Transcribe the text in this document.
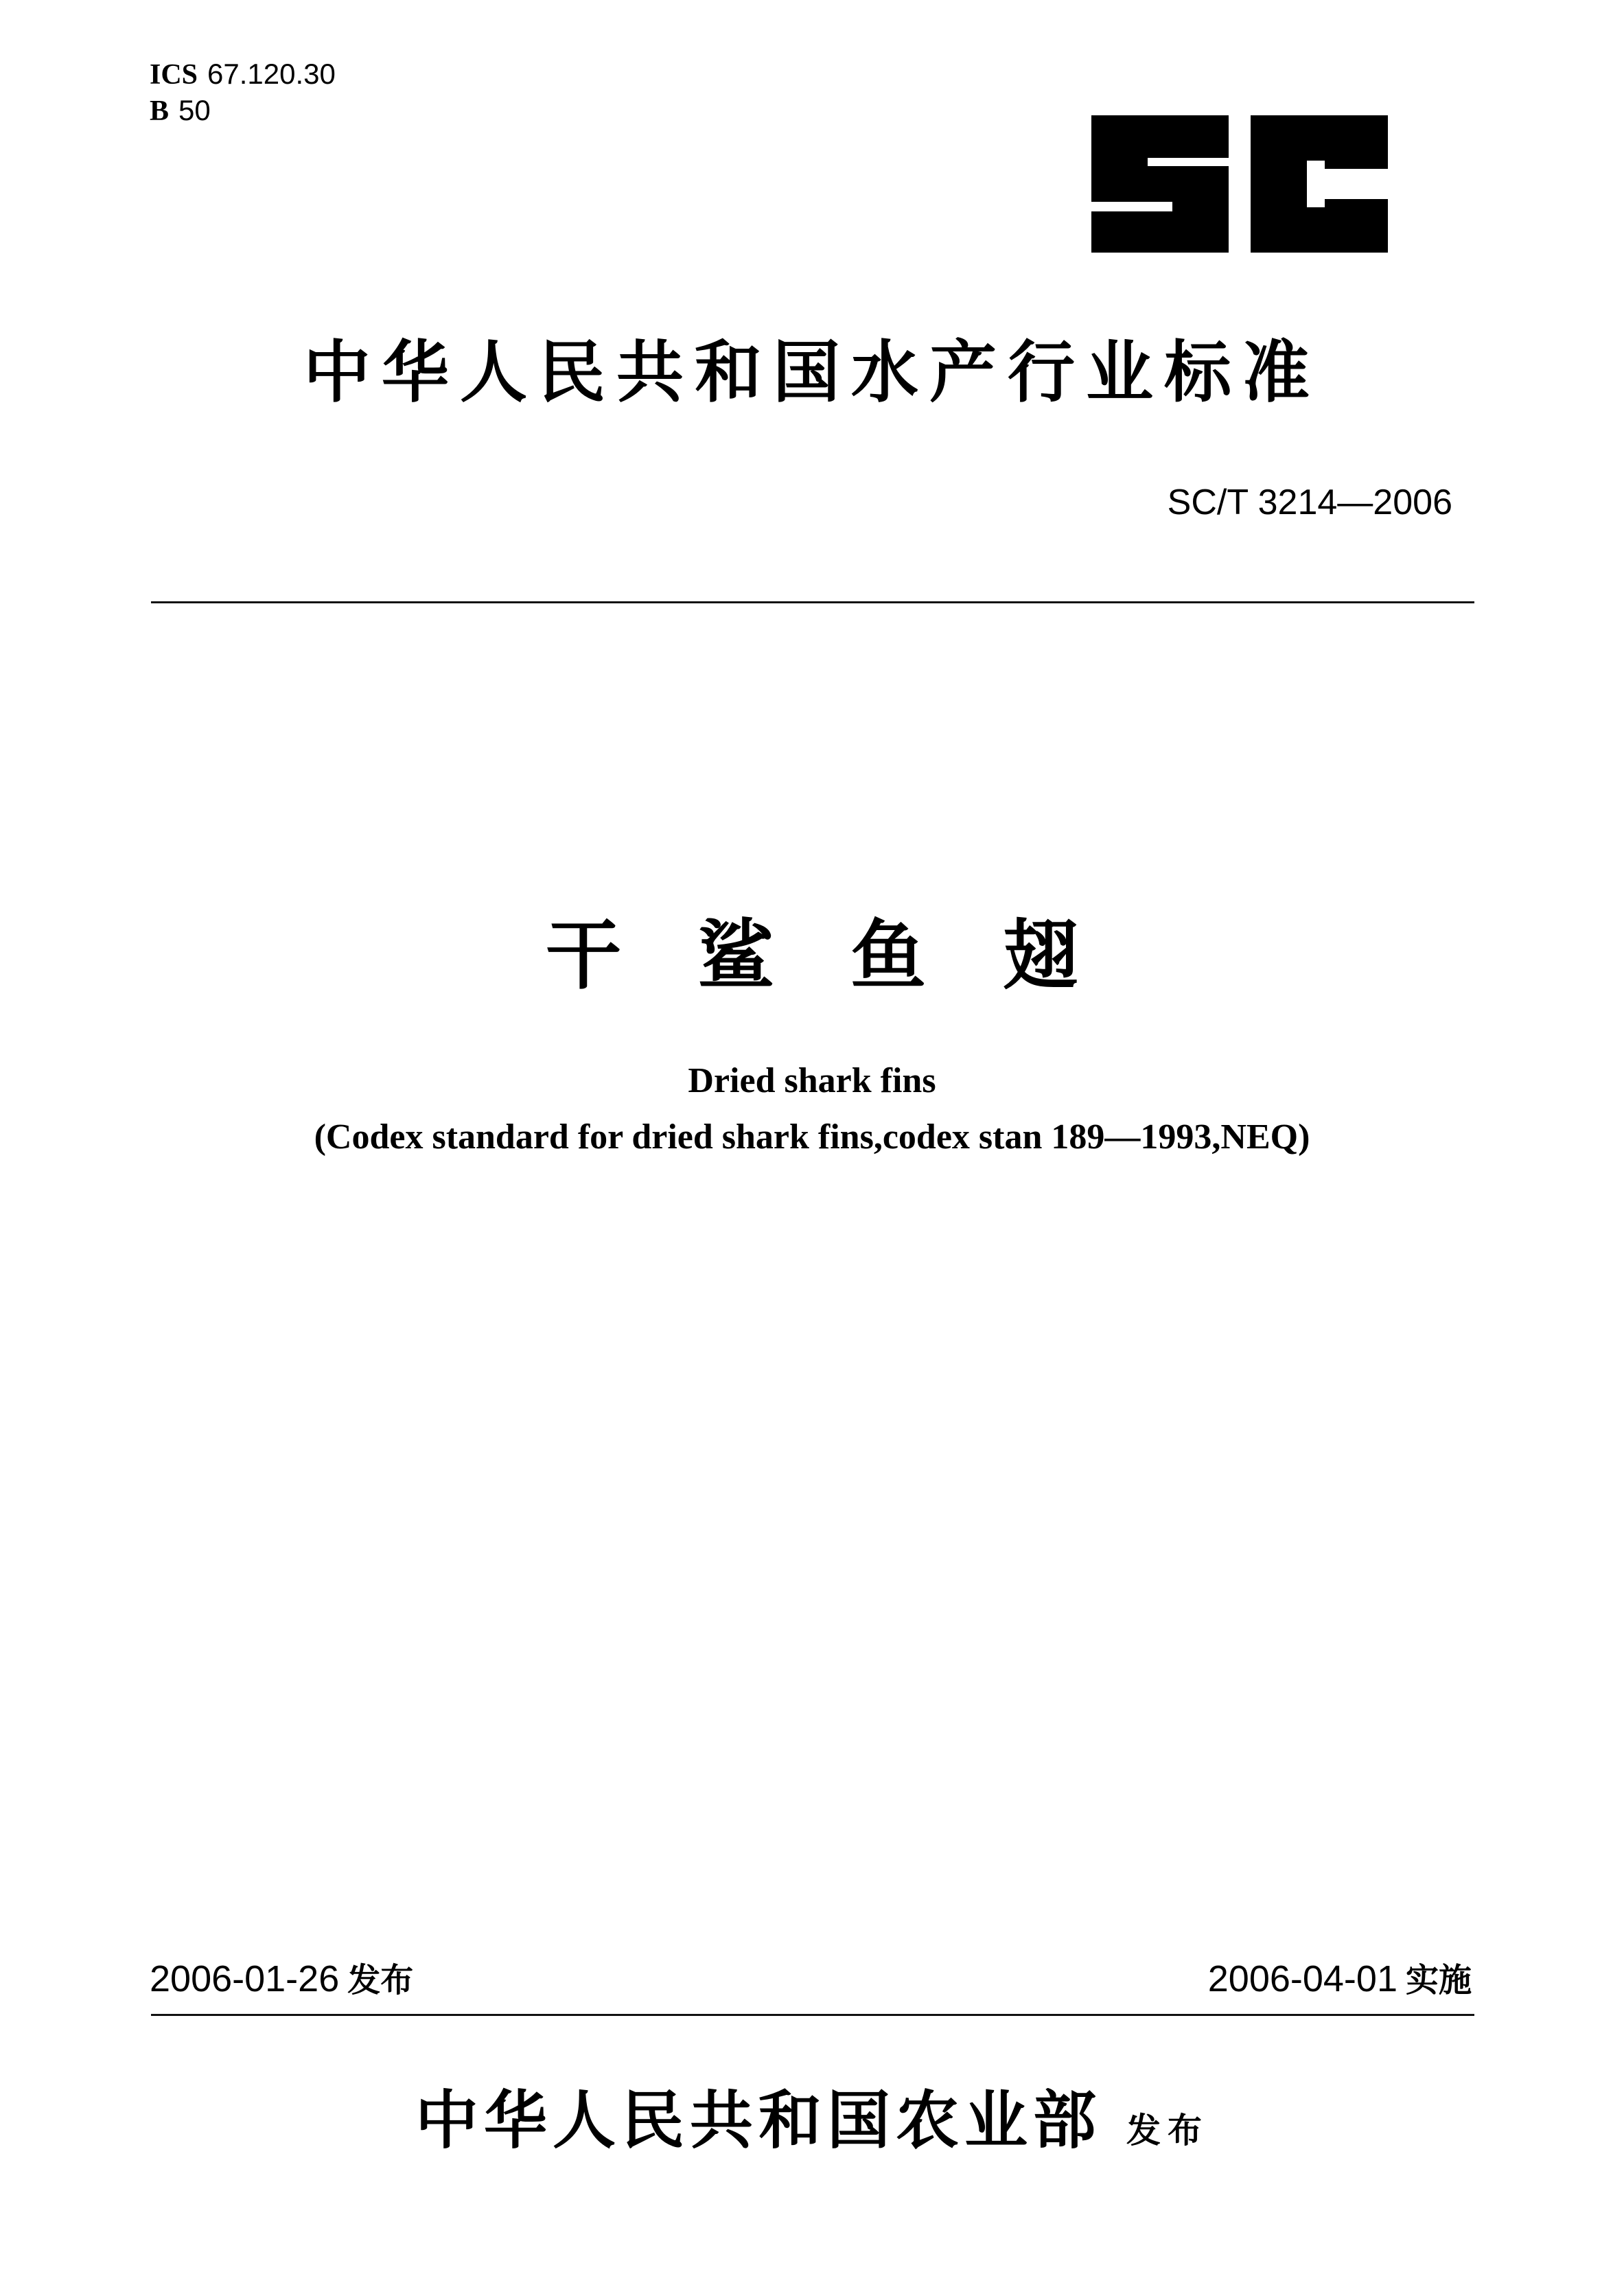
ICS 67.120.30
B 50
中华人民共和国水产行业标准
SC/T 3214—2006
干鲨鱼翅
Dried shark fins
(Codex standard for dried shark fins,codex stan 189—1993,NEQ)
2006-01-26 发布	2006-04-01 实施
中华人民共和国农业部 发布
